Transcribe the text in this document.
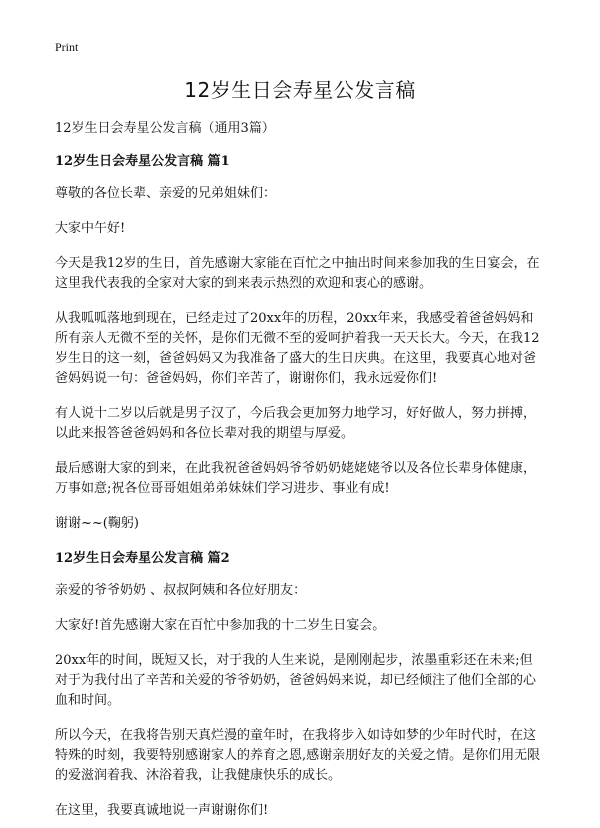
Print
12岁生日会寿星公发言稿
12岁生日会寿星公发言稿（通用3篇）
12岁生日会寿星公发言稿 篇1

尊敬的各位长辈、亲爱的兄弟姐妹们：

大家中午好!

今天是我12岁的生日，首先感谢大家能在百忙之中抽出时间来参加我的生日宴会，在这里我代表我的全家对大家的到来表示热烈的欢迎和衷心的感谢。

从我呱呱落地到现在，已经走过了20xx年的历程，20xx年来，我感受着爸爸妈妈和所有亲人无微不至的关怀，是你们无微不至的爱呵护着我一天天长大。今天，在我12岁生日的这一刻，爸爸妈妈又为我准备了盛大的生日庆典。在这里，我要真心地对爸爸妈妈说一句：爸爸妈妈，你们辛苦了，谢谢你们，我永远爱你们!

有人说十二岁以后就是男子汉了，今后我会更加努力地学习，好好做人，努力拼搏，以此来报答爸爸妈妈和各位长辈对我的期望与厚爱。

最后感谢大家的到来，在此我祝爸爸妈妈爷爷奶奶姥姥姥爷以及各位长辈身体健康，万事如意;祝各位哥哥姐姐弟弟妹妹们学习进步、事业有成!

谢谢~~(鞠躬)

12岁生日会寿星公发言稿 篇2

亲爱的爷爷奶奶 、叔叔阿姨和各位好朋友：

大家好!首先感谢大家在百忙中参加我的十二岁生日宴会。

20xx年的时间，既短又长，对于我的人生来说，是刚刚起步，浓墨重彩还在未来;但对于为我付出了辛苦和关爱的爷爷奶奶，爸爸妈妈来说，却已经倾注了他们全部的心血和时间。

所以今天，在我将告别天真烂漫的童年时，在我将步入如诗如梦的少年时代时，在这特殊的时刻，我要特别感谢家人的养育之恩,感谢亲朋好友的关爱之情。是你们用无限的爱滋润着我、沐浴着我，让我健康快乐的成长。

在这里，我要真诚地说一声谢谢你们!
